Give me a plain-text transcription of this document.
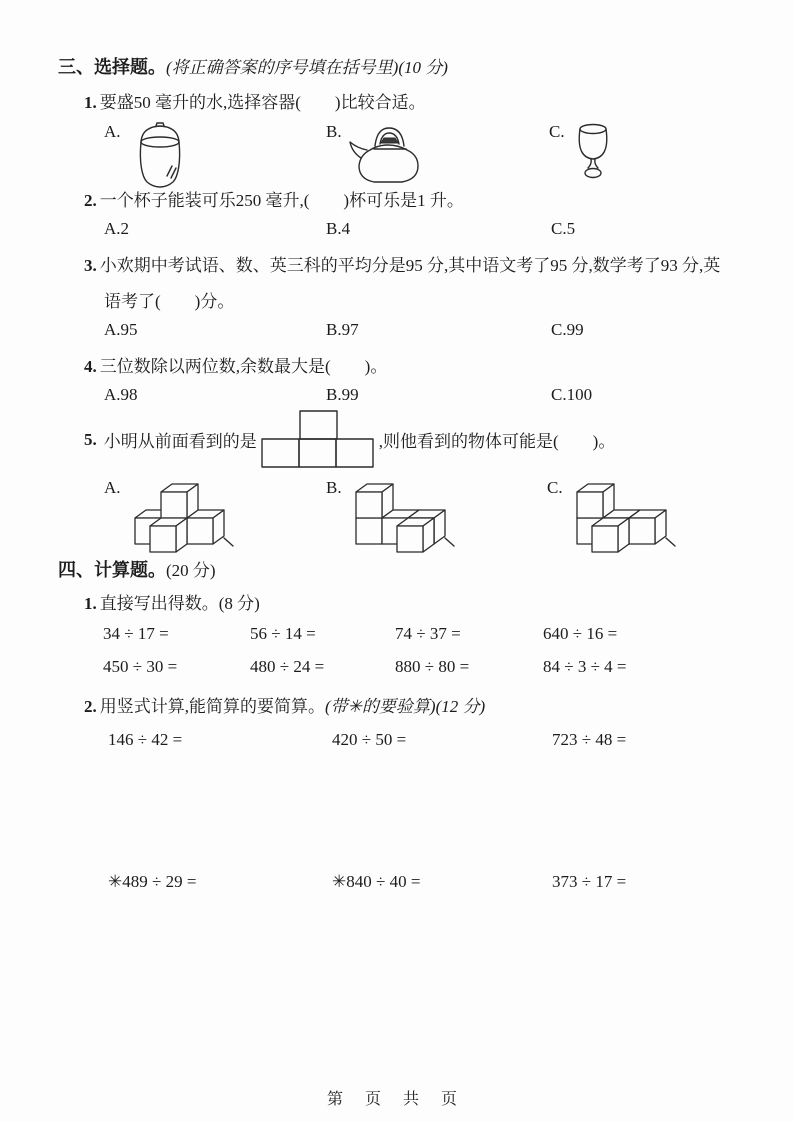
三、选择题。(将正确答案的序号填在括号里)(10 分)
1. 要盛50 毫升的水,选择容器(　　)比较合适。
A.	B.	C.
2. 一个杯子能装可乐250 毫升,(　　)杯可乐是1 升。
A.2	B.4	C.5
3. 小欢期中考试语、数、英三科的平均分是95 分,其中语文考了95 分,数学考了93 分,英
语考了(　　)分。
A.95	B.97	C.99
4. 三位数除以两位数,余数最大是(　　)。
A.98	B.99	C.100
5. 小明从前面看到的是	,则他看到的物体可能是(　　)。
A.	B.	C.
四、计算题。(20 分)
1. 直接写出得数。(8 分)
34 ÷ 17 =	56 ÷ 14 =	74 ÷ 37 =	640 ÷ 16 =
450 ÷ 30 =	480 ÷ 24 =	880 ÷ 80 =	84 ÷ 3 ÷ 4 =
2. 用竖式计算,能简算的要简算。(带✳的要验算)(12 分)
146 ÷ 42 =	420 ÷ 50 =	723 ÷ 48 =
✳489 ÷ 29 =	✳840 ÷ 40 =	373 ÷ 17 =
第 页 共 页
